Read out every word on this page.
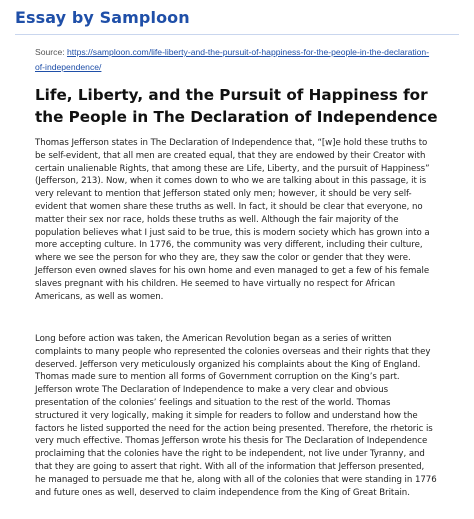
Essay by Samploon
Source: https://samploon.com/life-liberty-and-the-pursuit-of-happiness-for-the-people-in-the-declaration-of-independence/
Life, Liberty, and the Pursuit of Happiness for the People in The Declaration of Independence
Thomas Jefferson states in The Declaration of Independence that, “[w]e hold these truths to be self-evident, that all men are created equal, that they are endowed by their Creator with certain unalienable Rights, that among these are Life, Liberty, and the pursuit of Happiness” (Jefferson, 213). Now, when it comes down to who we are talking about in this passage, it is very relevant to mention that Jefferson stated only men; however, it should be very self-evident that women share these truths as well. In fact, it should be clear that everyone, no matter their sex nor race, holds these truths as well. Although the fair majority of the population believes what I just said to be true, this is modern society which has grown into a more accepting culture. In 1776, the community was very different, including their culture, where we see the person for who they are, they saw the color or gender that they were. Jefferson even owned slaves for his own home and even managed to get a few of his female slaves pregnant with his children. He seemed to have virtually no respect for African Americans, as well as women.
Long before action was taken, the American Revolution began as a series of written complaints to many people who represented the colonies overseas and their rights that they deserved. Jefferson very meticulously organized his complaints about the King of England. Thomas made sure to mention all forms of Government corruption on the King’s part. Jefferson wrote The Declaration of Independence to make a very clear and obvious presentation of the colonies’ feelings and situation to the rest of the world. Thomas structured it very logically, making it simple for readers to follow and understand how the factors he listed supported the need for the action being presented. Therefore, the rhetoric is very much effective. Thomas Jefferson wrote his thesis for The Declaration of Independence proclaiming that the colonies have the right to be independent, not live under Tyranny, and that they are going to assert that right. With all of the information that Jefferson presented, he managed to persuade me that he, along with all of the colonies that were standing in 1776 and future ones as well, deserved to claim independence from the King of Great Britain.
